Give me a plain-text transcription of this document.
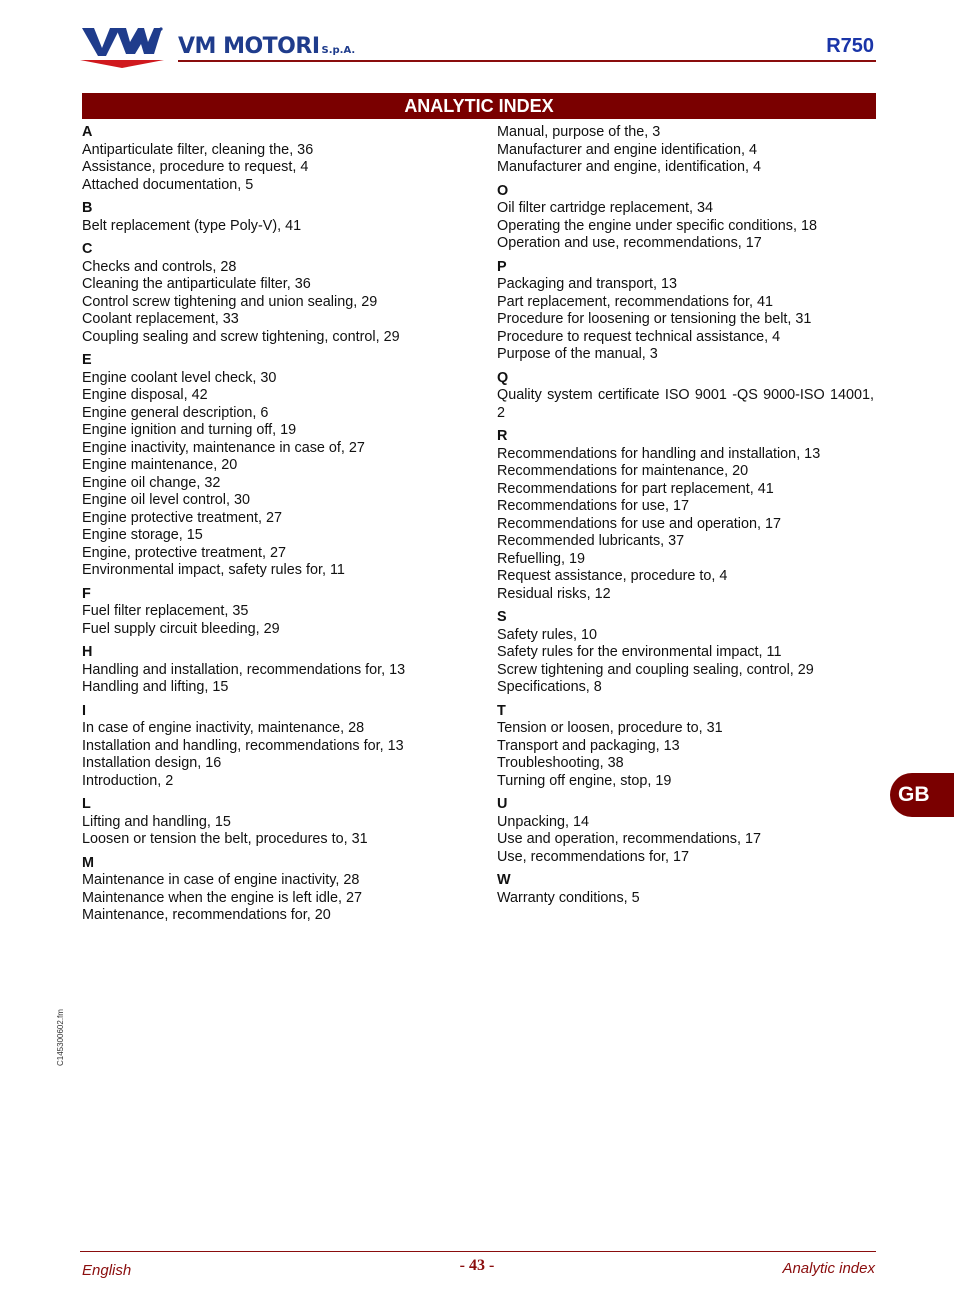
VM MOTORI S.p.A.	R750
ANALYTIC INDEX
A
Antiparticulate filter, cleaning the, 36
Assistance, procedure to request, 4
Attached documentation, 5
B
Belt replacement (type Poly-V), 41
C
Checks and controls, 28
Cleaning the antiparticulate filter, 36
Control screw tightening and union sealing, 29
Coolant replacement, 33
Coupling sealing and screw tightening, control, 29
E
Engine coolant level check, 30
Engine disposal, 42
Engine general description, 6
Engine ignition and turning off, 19
Engine inactivity, maintenance in case of, 27
Engine maintenance, 20
Engine oil change, 32
Engine oil level control, 30
Engine protective treatment, 27
Engine storage, 15
Engine, protective treatment, 27
Environmental impact, safety rules for, 11
F
Fuel filter replacement, 35
Fuel supply circuit bleeding, 29
H
Handling and installation, recommendations for, 13
Handling and lifting, 15
I
In case of engine inactivity, maintenance, 28
Installation and handling, recommendations for, 13
Installation design, 16
Introduction, 2
L
Lifting and handling, 15
Loosen or tension the belt, procedures to, 31
M
Maintenance in case of engine inactivity, 28
Maintenance when the engine is left idle, 27
Maintenance, recommendations for, 20
Manual, purpose of the, 3
Manufacturer and engine identification, 4
Manufacturer and engine, identification, 4
O
Oil filter cartridge replacement, 34
Operating the engine under specific conditions, 18
Operation and use, recommendations, 17
P
Packaging and transport, 13
Part replacement, recommendations for, 41
Procedure for loosening or tensioning the belt, 31
Procedure to request technical assistance, 4
Purpose of the manual, 3
Q
Quality system certificate ISO 9001 -QS 9000-ISO 14001, 2
R
Recommendations for handling and installation, 13
Recommendations for maintenance, 20
Recommendations for part replacement, 41
Recommendations for use, 17
Recommendations for use and operation, 17
Recommended lubricants, 37
Refuelling, 19
Request assistance, procedure to, 4
Residual risks, 12
S
Safety rules, 10
Safety rules for the environmental impact, 11
Screw tightening and coupling sealing, control, 29
Specifications, 8
T
Tension or loosen, procedure to, 31
Transport and packaging, 13
Troubleshooting, 38
Turning off engine, stop, 19
U
Unpacking, 14
Use and operation, recommendations, 17
Use, recommendations for, 17
W
Warranty conditions, 5
GB
C145300602.fm
English	- 43 -	Analytic index
